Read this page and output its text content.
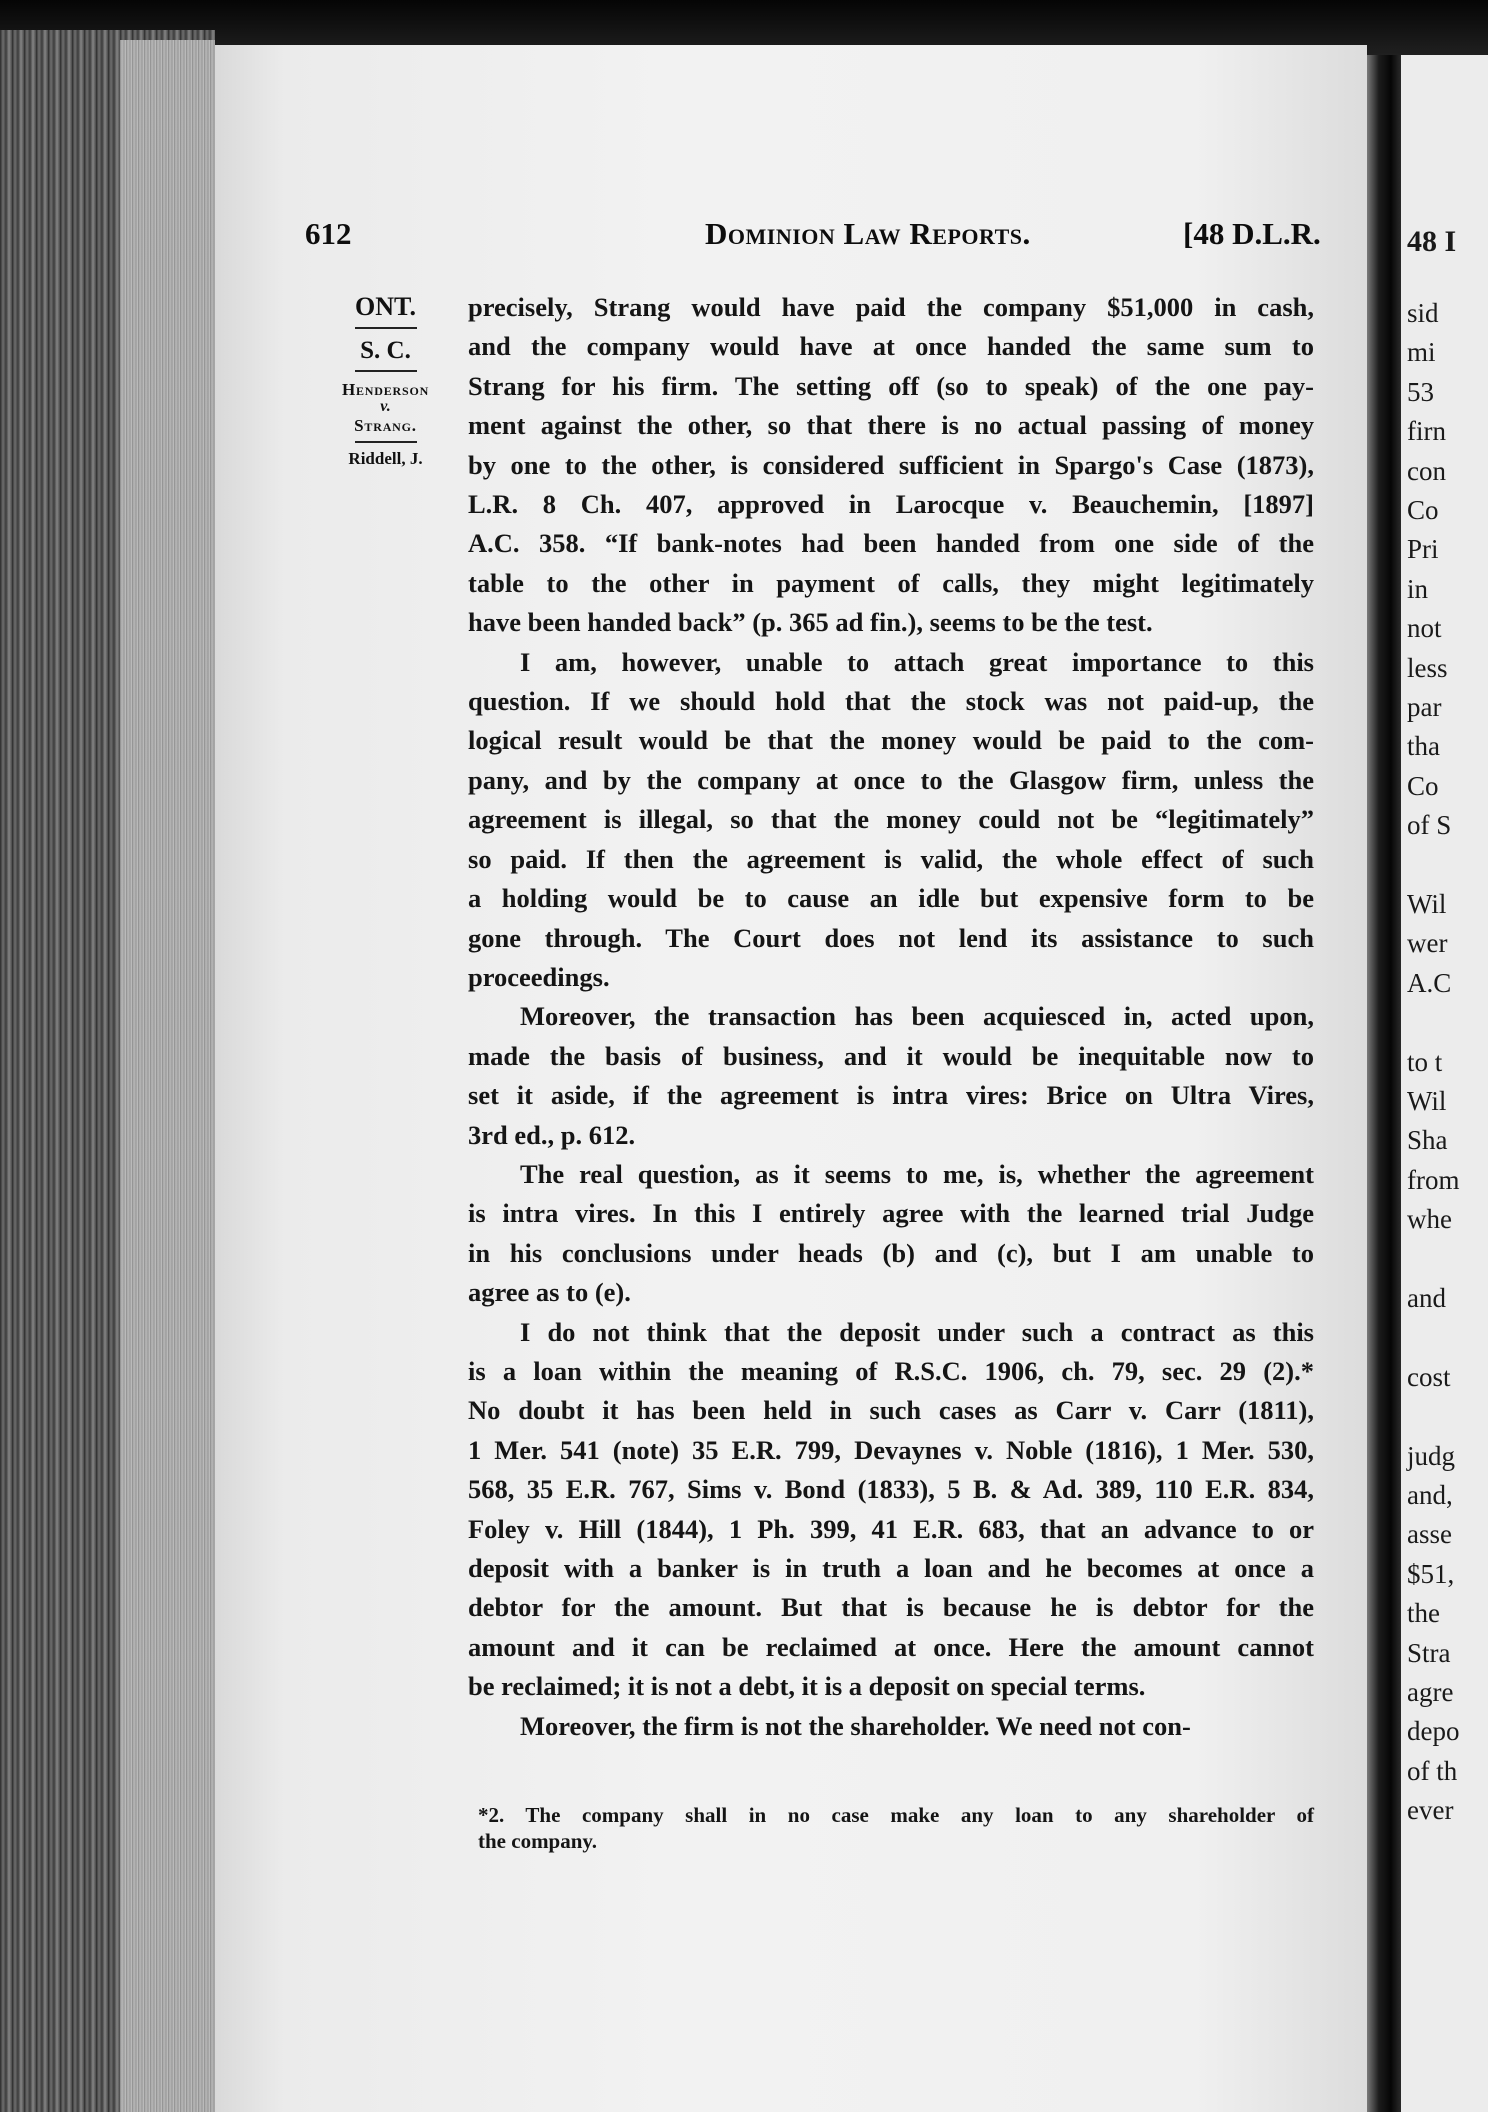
48 I
sid
mi
53
firn
con
Co
Pri
in
not
less
par
tha
Co
of S
Wil
wer
A.C
to t
Wil
Sha
from
whe
and
cost
judg
and,
asse
$51,
the
Stra
agre
depo
of th
ever
612	Dominion Law Reports.	[48 D.L.R.
ONT.
S. C.
Henderson
v.
Strang.
Riddell, J.

precisely, Strang would have paid the company $51,000 in cash,
and the company would have at once handed the same sum to
Strang for his firm. The setting off (so to speak) of the one pay-
ment against the other, so that there is no actual passing of money
by one to the other, is considered sufficient in Spargo's Case (1873),
L.R. 8 Ch. 407, approved in Larocque v. Beauchemin, [1897]
A.C. 358. “If bank-notes had been handed from one side of the
table to the other in payment of calls, they might legitimately
have been handed back” (p. 365 ad fin.), seems to be the test.

I am, however, unable to attach great importance to this
question. If we should hold that the stock was not paid-up, the
logical result would be that the money would be paid to the com-
pany, and by the company at once to the Glasgow firm, unless the
agreement is illegal, so that the money could not be “legitimately”
so paid. If then the agreement is valid, the whole effect of such
a holding would be to cause an idle but expensive form to be
gone through. The Court does not lend its assistance to such
proceedings.

Moreover, the transaction has been acquiesced in, acted upon,
made the basis of business, and it would be inequitable now to
set it aside, if the agreement is intra vires: Brice on Ultra Vires,
3rd ed., p. 612.

The real question, as it seems to me, is, whether the agreement
is intra vires. In this I entirely agree with the learned trial Judge
in his conclusions under heads (b) and (c), but I am unable to
agree as to (e).

I do not think that the deposit under such a contract as this
is a loan within the meaning of R.S.C. 1906, ch. 79, sec. 29 (2).*
No doubt it has been held in such cases as Carr v. Carr (1811),
1 Mer. 541 (note) 35 E.R. 799, Devaynes v. Noble (1816), 1 Mer. 530,
568, 35 E.R. 767, Sims v. Bond (1833), 5 B. & Ad. 389, 110 E.R. 834,
Foley v. Hill (1844), 1 Ph. 399, 41 E.R. 683, that an advance to or
deposit with a banker is in truth a loan and he becomes at once a
debtor for the amount. But that is because he is debtor for the
amount and it can be reclaimed at once. Here the amount cannot
be reclaimed; it is not a debt, it is a deposit on special terms.

Moreover, the firm is not the shareholder. We need not con-

*2. The company shall in no case make any loan to any shareholder of
the company.
